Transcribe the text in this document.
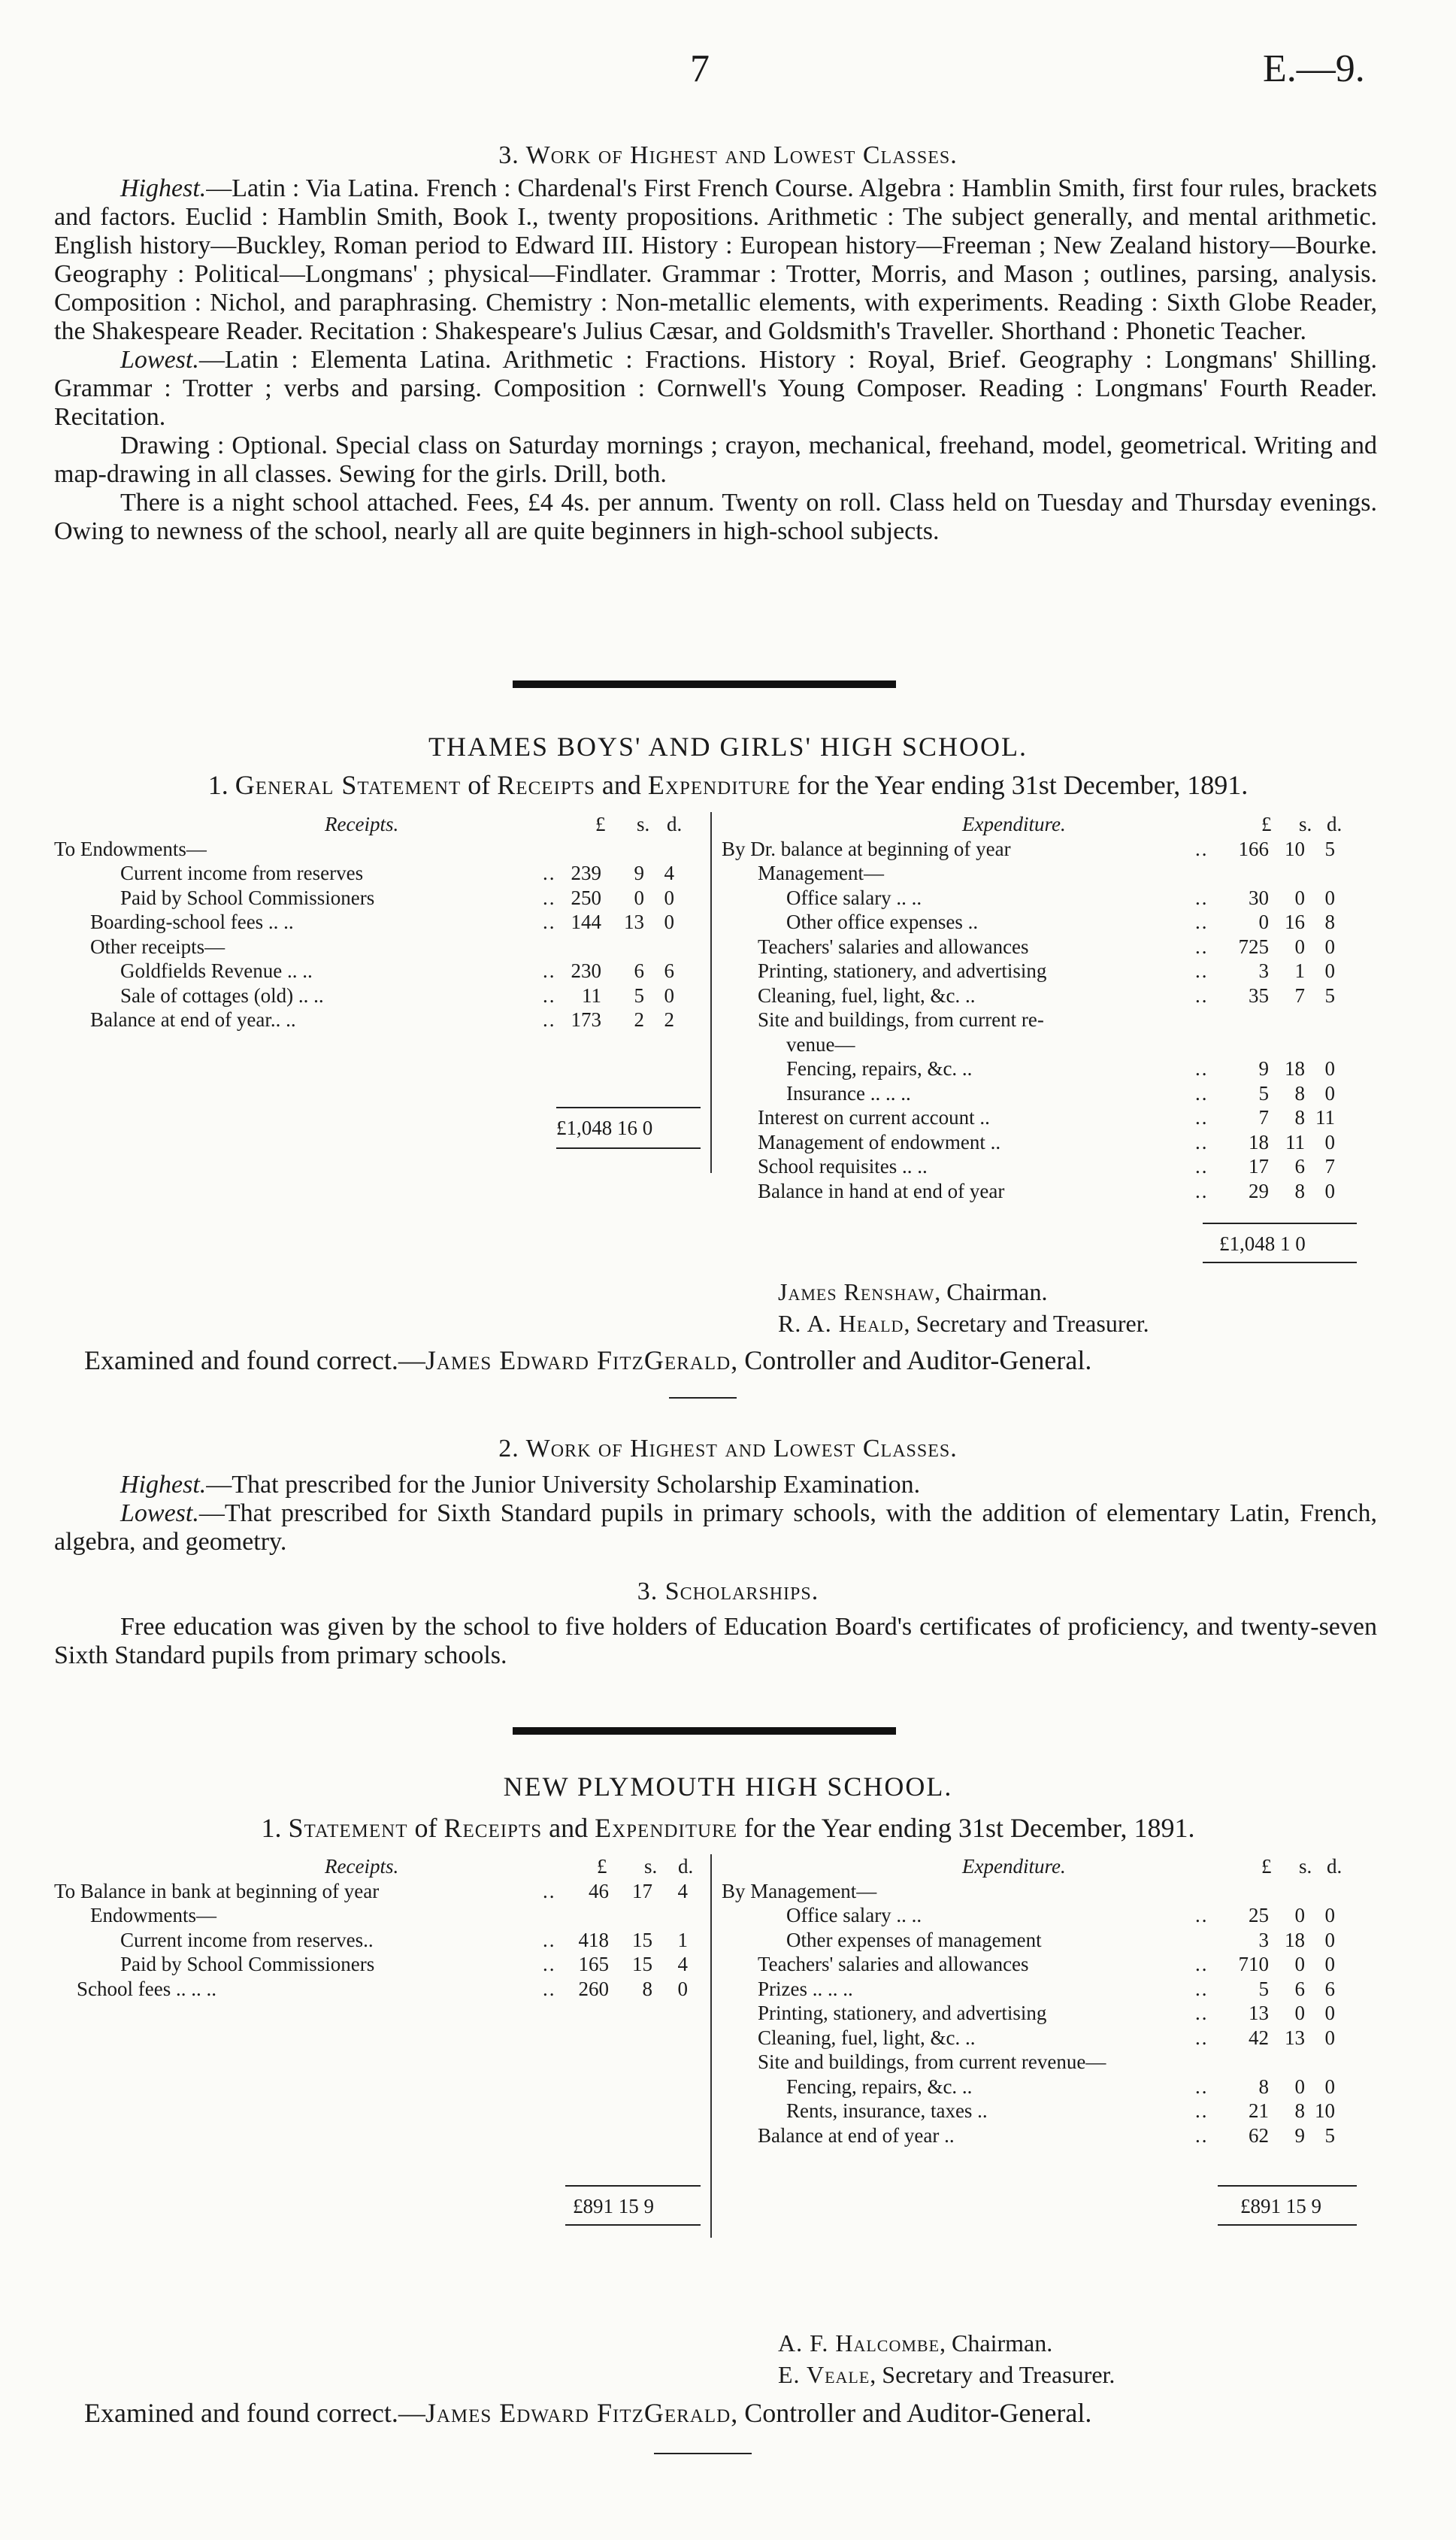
7	E.—9.
3. Work of Highest and Lowest Classes.

Highest.—Latin : Via Latina. French : Chardenal's First French Course. Algebra : Hamblin Smith, first four rules, brackets and factors. Euclid : Hamblin Smith, Book I., twenty propositions. Arithmetic : The subject generally, and mental arithmetic. English history—Buckley, Roman period to Edward III. History : European history—Freeman ; New Zealand history—Bourke. Geography : Political—Longmans' ; physical—Findlater. Grammar : Trotter, Morris, and Mason ; outlines, parsing, analysis. Composition : Nichol, and paraphrasing. Chemistry : Non-metallic elements, with experiments. Reading : Sixth Globe Reader, the Shakespeare Reader. Recitation : Shakespeare's Julius Cæsar, and Goldsmith's Traveller. Shorthand : Phonetic Teacher.

Lowest.—Latin : Elementa Latina. Arithmetic : Fractions. History : Royal, Brief. Geography : Longmans' Shilling. Grammar : Trotter ; verbs and parsing. Composition : Cornwell's Young Composer. Reading : Longmans' Fourth Reader. Recitation.

Drawing : Optional. Special class on Saturday mornings ; crayon, mechanical, freehand, model, geometrical. Writing and map-drawing in all classes. Sewing for the girls. Drill, both.

There is a night school attached. Fees, £4 4s. per annum. Twenty on roll. Class held on Tuesday and Thursday evenings. Owing to newness of the school, nearly all are quite beginners in high-school subjects.

THAMES BOYS' AND GIRLS' HIGH SCHOOL.
1. General Statement of Receipts and Expenditure for the Year ending 31st December, 1891.
Receipts.	£ s. d.
To Endowments—
Current income from reserves	.. 239	9 4
Paid by School Commissioners	.. 250	0 0
Boarding-school fees .. ..	.. 144	13 0
Other receipts—
Goldfields Revenue .. ..	.. 230	6 6
Sale of cottages (old) .. ..	..	11	5 0
Balance at end of year.. ..	.. 173	2 2
£1,048 16 0
Expenditure.	£ s. d.
By Dr. balance at beginning of year	.. 166 10 5
Management—
Office salary .. ..	..	30	0 0
Other office expenses ..	..	0 16 8
Teachers' salaries and allowances	.. 725	0 0
Printing, stationery, and advertising	..	3	1 0
Cleaning, fuel, light, &c. ..	..	35	7 5
Site and buildings, from current re-
venue—
Fencing, repairs, &c. ..	..	9 18 0
Insurance .. .. ..	..	5	8 0
Interest on current account ..	..	7	8 11
Management of endowment ..	..	18 11 0
School requisites .. ..	..	17	6 7
Balance in hand at end of year	..	29	8 0
£1,048 1 0
James Renshaw, Chairman.
R. A. Heald, Secretary and Treasurer.
Examined and found correct.—James Edward FitzGerald, Controller and Auditor-General.
2. Work of Highest and Lowest Classes.

Highest.—That prescribed for the Junior University Scholarship Examination.

Lowest.—That prescribed for Sixth Standard pupils in primary schools, with the addition of elementary Latin, French, algebra, and geometry.

3. Scholarships.

Free education was given by the school to five holders of Education Board's certificates of proficiency, and twenty-seven Sixth Standard pupils from primary schools.

NEW PLYMOUTH HIGH SCHOOL.
1. Statement of Receipts and Expenditure for the Year ending 31st December, 1891.
Receipts.	£ s. d.
To Balance in bank at beginning of year	..	46	17	4
Endowments—
Current income from reserves..	.. 418	15	1
Paid by School Commissioners	.. 165	15	4
School fees .. .. ..	.. 260	8	0
£891 15 9
Expenditure.	£ s. d.
By Management—
Office salary .. ..	..	25	0 0
Other expenses of management	3 18 0
Teachers' salaries and allowances	.. 710	0 0
Prizes .. .. ..	..	5	6 6
Printing, stationery, and advertising	..	13	0 0
Cleaning, fuel, light, &c. ..	..	42 13 0
Site and buildings, from current revenue—
Fencing, repairs, &c. ..	..	8	0 0
Rents, insurance, taxes ..	..	21	8 10
Balance at end of year ..	..	62	9 5
£891 15 9
A. F. Halcombe, Chairman.
E. Veale, Secretary and Treasurer.
Examined and found correct.—James Edward FitzGerald, Controller and Auditor-General.
